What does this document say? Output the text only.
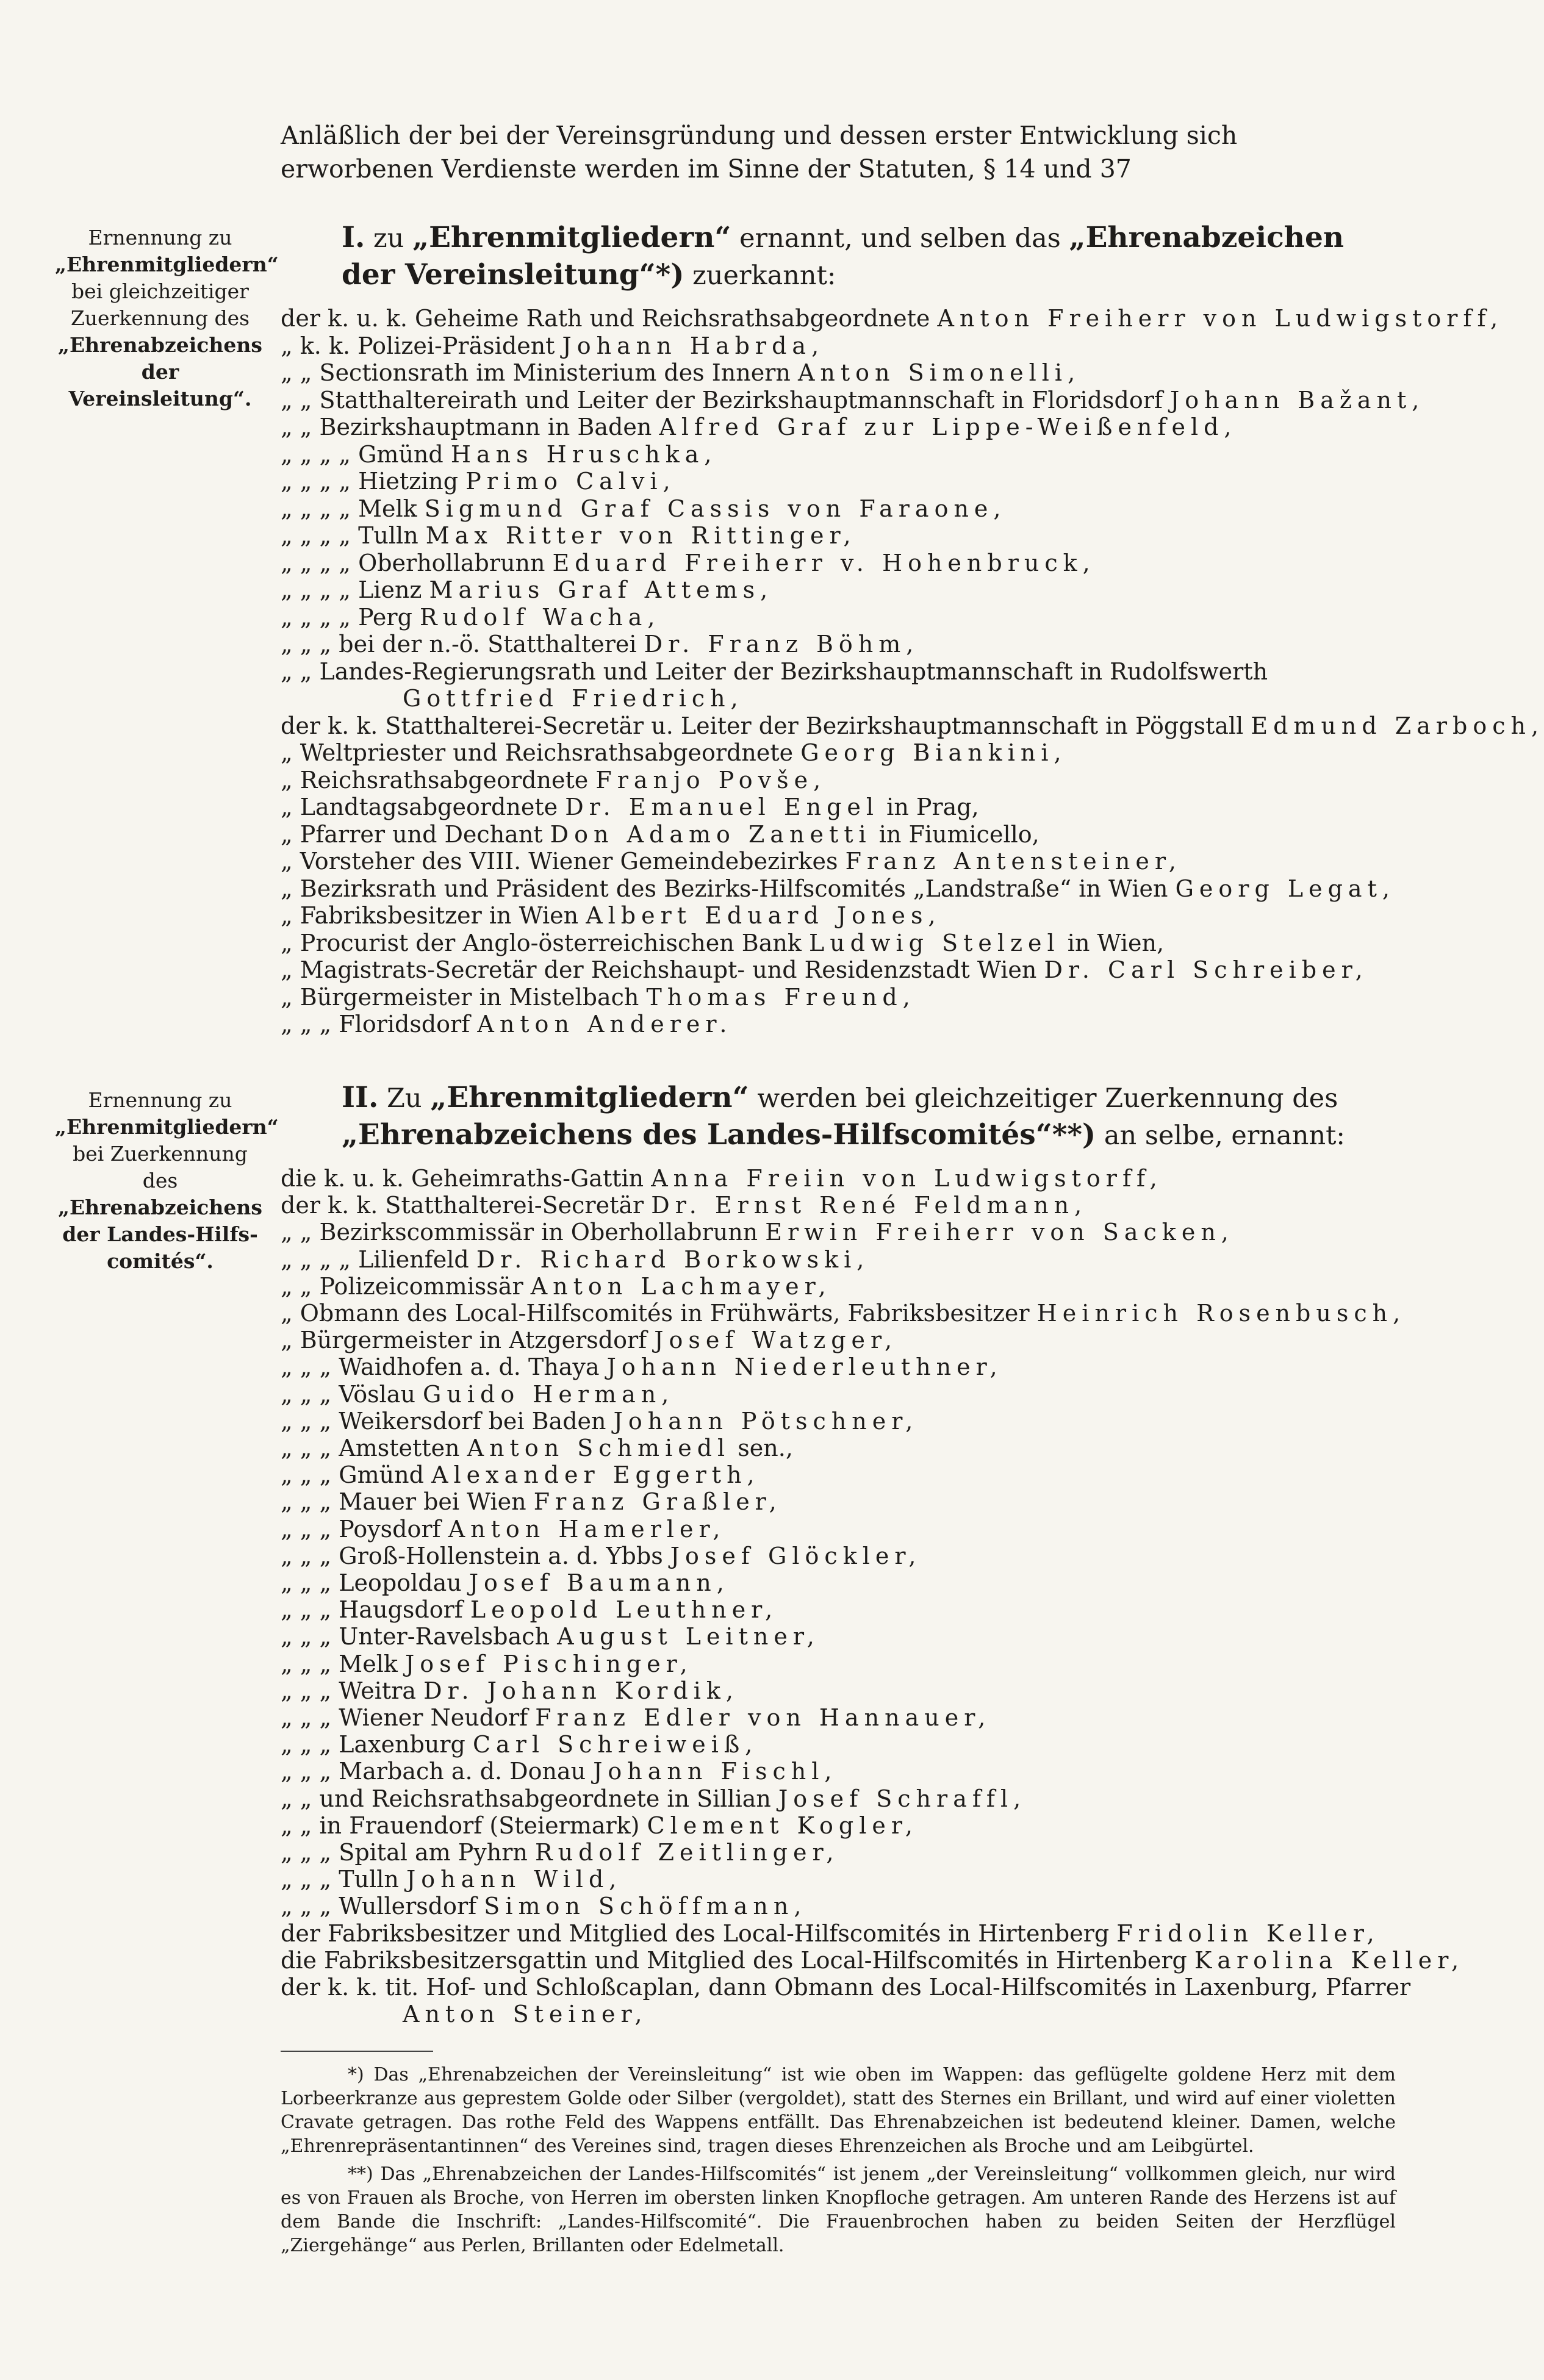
Anläßlich der bei der Vereinsgründung und dessen erster Entwicklung sich erworbenen Verdienste werden im Sinne der Statuten, § 14 und 37
Ernennung zu
„Ehrenmitgliedern“
bei gleichzeitiger
Zuerkennung des
„Ehrenabzeichens
der Vereinsleitung“.
I. zu „Ehrenmitgliedern“ ernannt, und selben das „Ehrenabzeichen der Vereinsleitung“*) zuerkannt:
der k. u. k. Geheime Rath und Reichsrathsabgeordnete Anton Freiherr von Ludwigstorff,
„ k. k. Polizei-Präsident Johann Habrda,
„ „ Sectionsrath im Ministerium des Innern Anton Simonelli,
„ „ Statthaltereirath und Leiter der Bezirkshauptmannschaft in Floridsdorf Johann Bažant,
„ „ Bezirkshauptmann in Baden Alfred Graf zur Lippe-Weißenfeld,
„ „ „ „ Gmünd Hans Hruschka,
„ „ „ „ Hietzing Primo Calvi,
„ „ „ „ Melk Sigmund Graf Cassis von Faraone,
„ „ „ „ Tulln Max Ritter von Rittinger,
„ „ „ „ Oberhollabrunn Eduard Freiherr v. Hohenbruck,
„ „ „ „ Lienz Marius Graf Attems,
„ „ „ „ Perg Rudolf Wacha,
„ „ „ bei der n.-ö. Statthalterei Dr. Franz Böhm,
„ „ Landes-Regierungsrath und Leiter der Bezirkshauptmannschaft in Rudolfswerth
Gottfried Friedrich,
der k. k. Statthalterei-Secretär u. Leiter der Bezirkshauptmannschaft in Pöggstall Edmund Zarboch,
„ Weltpriester und Reichsrathsabgeordnete Georg Biankini,
„ Reichsrathsabgeordnete Franjo Povše,
„ Landtagsabgeordnete Dr. Emanuel Engel in Prag,
„ Pfarrer und Dechant Don Adamo Zanetti in Fiumicello,
„ Vorsteher des VIII. Wiener Gemeindebezirkes Franz Antensteiner,
„ Bezirksrath und Präsident des Bezirks-Hilfscomités „Landstraße“ in Wien Georg Legat,
„ Fabriksbesitzer in Wien Albert Eduard Jones,
„ Procurist der Anglo-österreichischen Bank Ludwig Stelzel in Wien,
„ Magistrats-Secretär der Reichshaupt- und Residenzstadt Wien Dr. Carl Schreiber,
„ Bürgermeister in Mistelbach Thomas Freund,
„ „ „ Floridsdorf Anton Anderer.
Ernennung zu
„Ehrenmitgliedern“
bei Zuerkennung des
„Ehrenabzeichens
der Landes-Hilfs-
comités“.
II. Zu „Ehrenmitgliedern“ werden bei gleichzeitiger Zuerkennung des „Ehrenabzeichens des Landes-Hilfscomités“**) an selbe, ernannt:
die k. u. k. Geheimraths-Gattin Anna Freiin von Ludwigstorff,
der k. k. Statthalterei-Secretär Dr. Ernst René Feldmann,
„ „ Bezirkscommissär in Oberhollabrunn Erwin Freiherr von Sacken,
„ „ „ „ Lilienfeld Dr. Richard Borkowski,
„ „ Polizeicommissär Anton Lachmayer,
„ Obmann des Local-Hilfscomités in Frühwärts, Fabriksbesitzer Heinrich Rosenbusch,
„ Bürgermeister in Atzgersdorf Josef Watzger,
„ „ „ Waidhofen a. d. Thaya Johann Niederleuthner,
„ „ „ Vöslau Guido Herman,
„ „ „ Weikersdorf bei Baden Johann Pötschner,
„ „ „ Amstetten Anton Schmiedl sen.,
„ „ „ Gmünd Alexander Eggerth,
„ „ „ Mauer bei Wien Franz Graßler,
„ „ „ Poysdorf Anton Hamerler,
„ „ „ Groß-Hollenstein a. d. Ybbs Josef Glöckler,
„ „ „ Leopoldau Josef Baumann,
„ „ „ Haugsdorf Leopold Leuthner,
„ „ „ Unter-Ravelsbach August Leitner,
„ „ „ Melk Josef Pischinger,
„ „ „ Weitra Dr. Johann Kordik,
„ „ „ Wiener Neudorf Franz Edler von Hannauer,
„ „ „ Laxenburg Carl Schreiweiß,
„ „ „ Marbach a. d. Donau Johann Fischl,
„ „ und Reichsrathsabgeordnete in Sillian Josef Schraffl,
„ „ in Frauendorf (Steiermark) Clement Kogler,
„ „ „ Spital am Pyhrn Rudolf Zeitlinger,
„ „ „ Tulln Johann Wild,
„ „ „ Wullersdorf Simon Schöffmann,
der Fabriksbesitzer und Mitglied des Local-Hilfscomités in Hirtenberg Fridolin Keller,
die Fabriksbesitzersgattin und Mitglied des Local-Hilfscomités in Hirtenberg Karolina Keller,
der k. k. tit. Hof- und Schloßcaplan, dann Obmann des Local-Hilfscomités in Laxenburg, Pfarrer
Anton Steiner,

*) Das „Ehrenabzeichen der Vereinsleitung“ ist wie oben im Wappen: das geflügelte goldene Herz mit dem Lorbeerkranze aus geprestem Golde oder Silber (vergoldet), statt des Sternes ein Brillant, und wird auf einer violetten Cravate getragen. Das rothe Feld des Wappens entfällt. Das Ehrenabzeichen ist bedeutend kleiner. Damen, welche „Ehrenrepräsentantinnen“ des Vereines sind, tragen dieses Ehrenzeichen als Broche und am Leibgürtel.

**) Das „Ehrenabzeichen der Landes-Hilfscomités“ ist jenem „der Vereinsleitung“ vollkommen gleich, nur wird es von Frauen als Broche, von Herren im obersten linken Knopfloche getragen. Am unteren Rande des Herzens ist auf dem Bande die Inschrift: „Landes-Hilfscomité“. Die Frauenbrochen haben zu beiden Seiten der Herzflügel „Ziergehänge“ aus Perlen, Brillanten oder Edelmetall.
